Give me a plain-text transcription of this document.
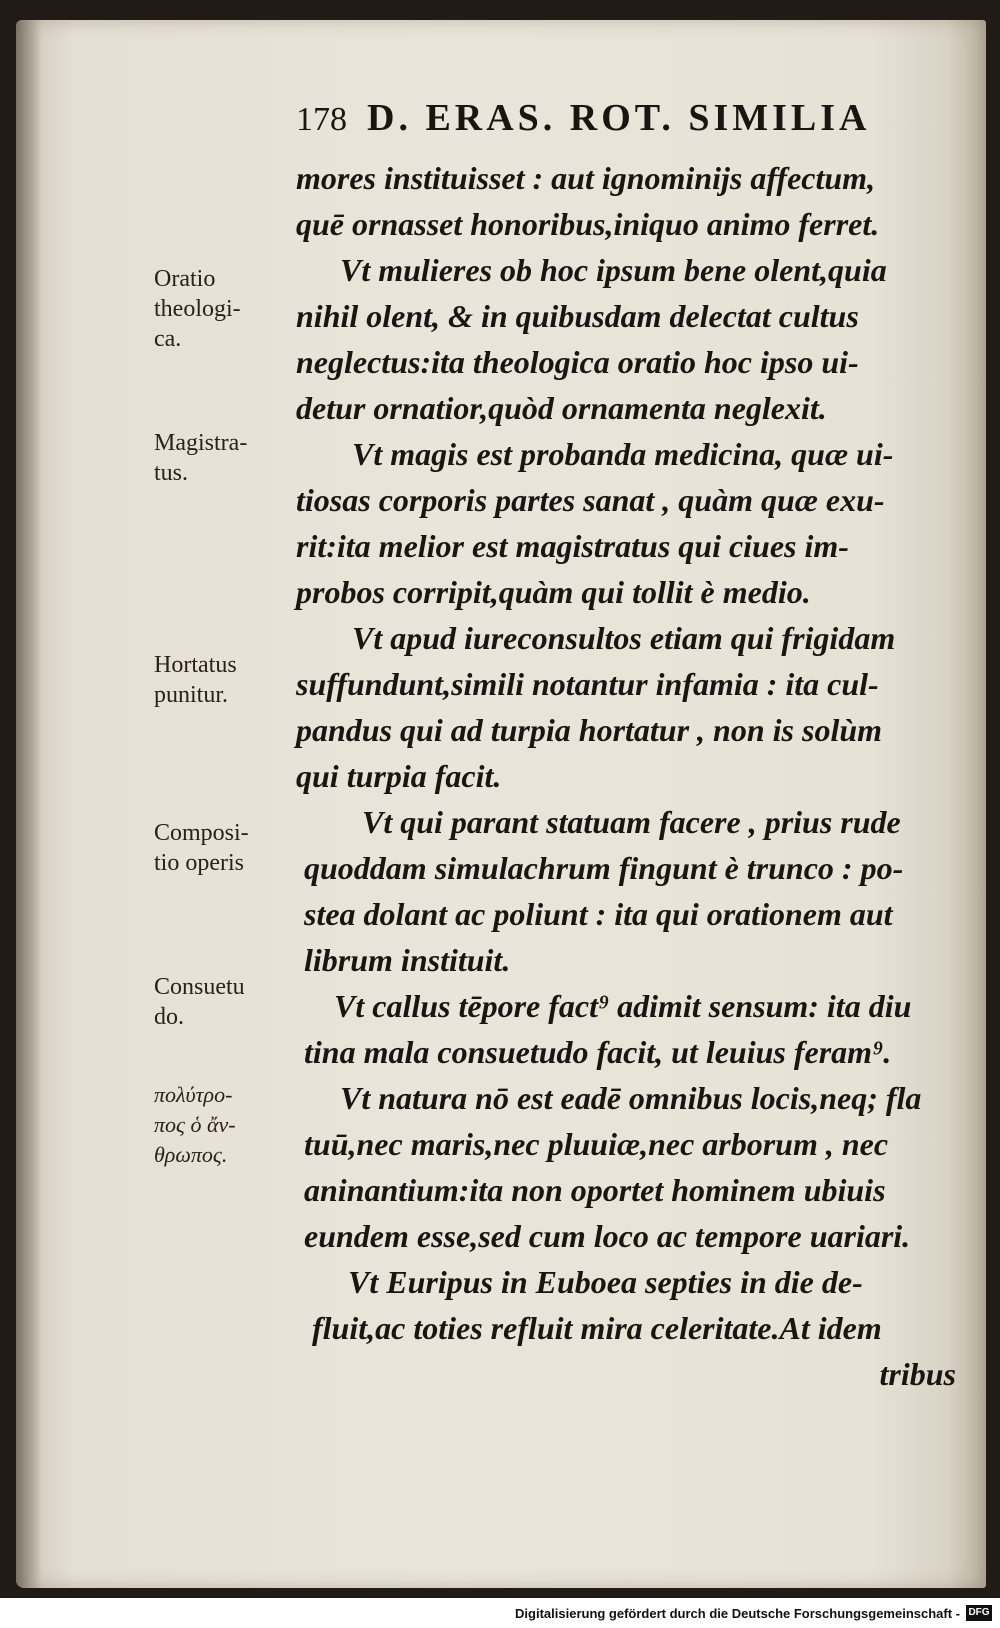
178 D. ERAS. ROT. SIMILIA
mores instituisset : aut ignominijs affectum,
quē ornasset honoribus,iniquo animo ferret.
Vt mulieres ob hoc ipsum bene olent,quia
nihil olent, & in quibusdam delectat cultus
neglectus:ita theologica oratio hoc ipso ui-
detur ornatior,quòd ornamenta neglexit.
Vt magis est probanda medicina, quæ ui-
tiosas corporis partes sanat , quàm quæ exu-
rit:ita melior est magistratus qui ciues im-
probos corripit,quàm qui tollit è medio.
Vt apud iureconsultos etiam qui frigidam
suffundunt,simili notantur infamia : ita cul-
pandus qui ad turpia hortatur , non is solùm
qui turpia facit.
Vt qui parant statuam facere , prius rude
quoddam simulachrum fingunt è trunco : po-
stea dolant ac poliunt : ita qui orationem aut
librum instituit.
Vt callus tēpore fact⁹ adimit sensum: ita diu
tina mala consuetudo facit, ut leuius feram⁹.
Vt natura nō est eadē omnibus locis,neq; fla
tuū,nec maris,nec pluuiæ,nec arborum , nec
aninantium:ita non oportet hominem ubiuis
eundem esse,sed cum loco ac tempore uariari.
Vt Euripus in Euboea septies in die de-
fluit,ac toties refluit mira celeritate.At idem
tribus
Oratio
theologi-
ca.
Magistra-
tus.
Hortatus
punitur.
Composi-
tio operis
Consuetu
do.
πολύτρο-
πος ὁ ἄν-
θρωπος.
Digitalisierung gefördert durch die Deutsche Forschungsgemeinschaft - DFG
